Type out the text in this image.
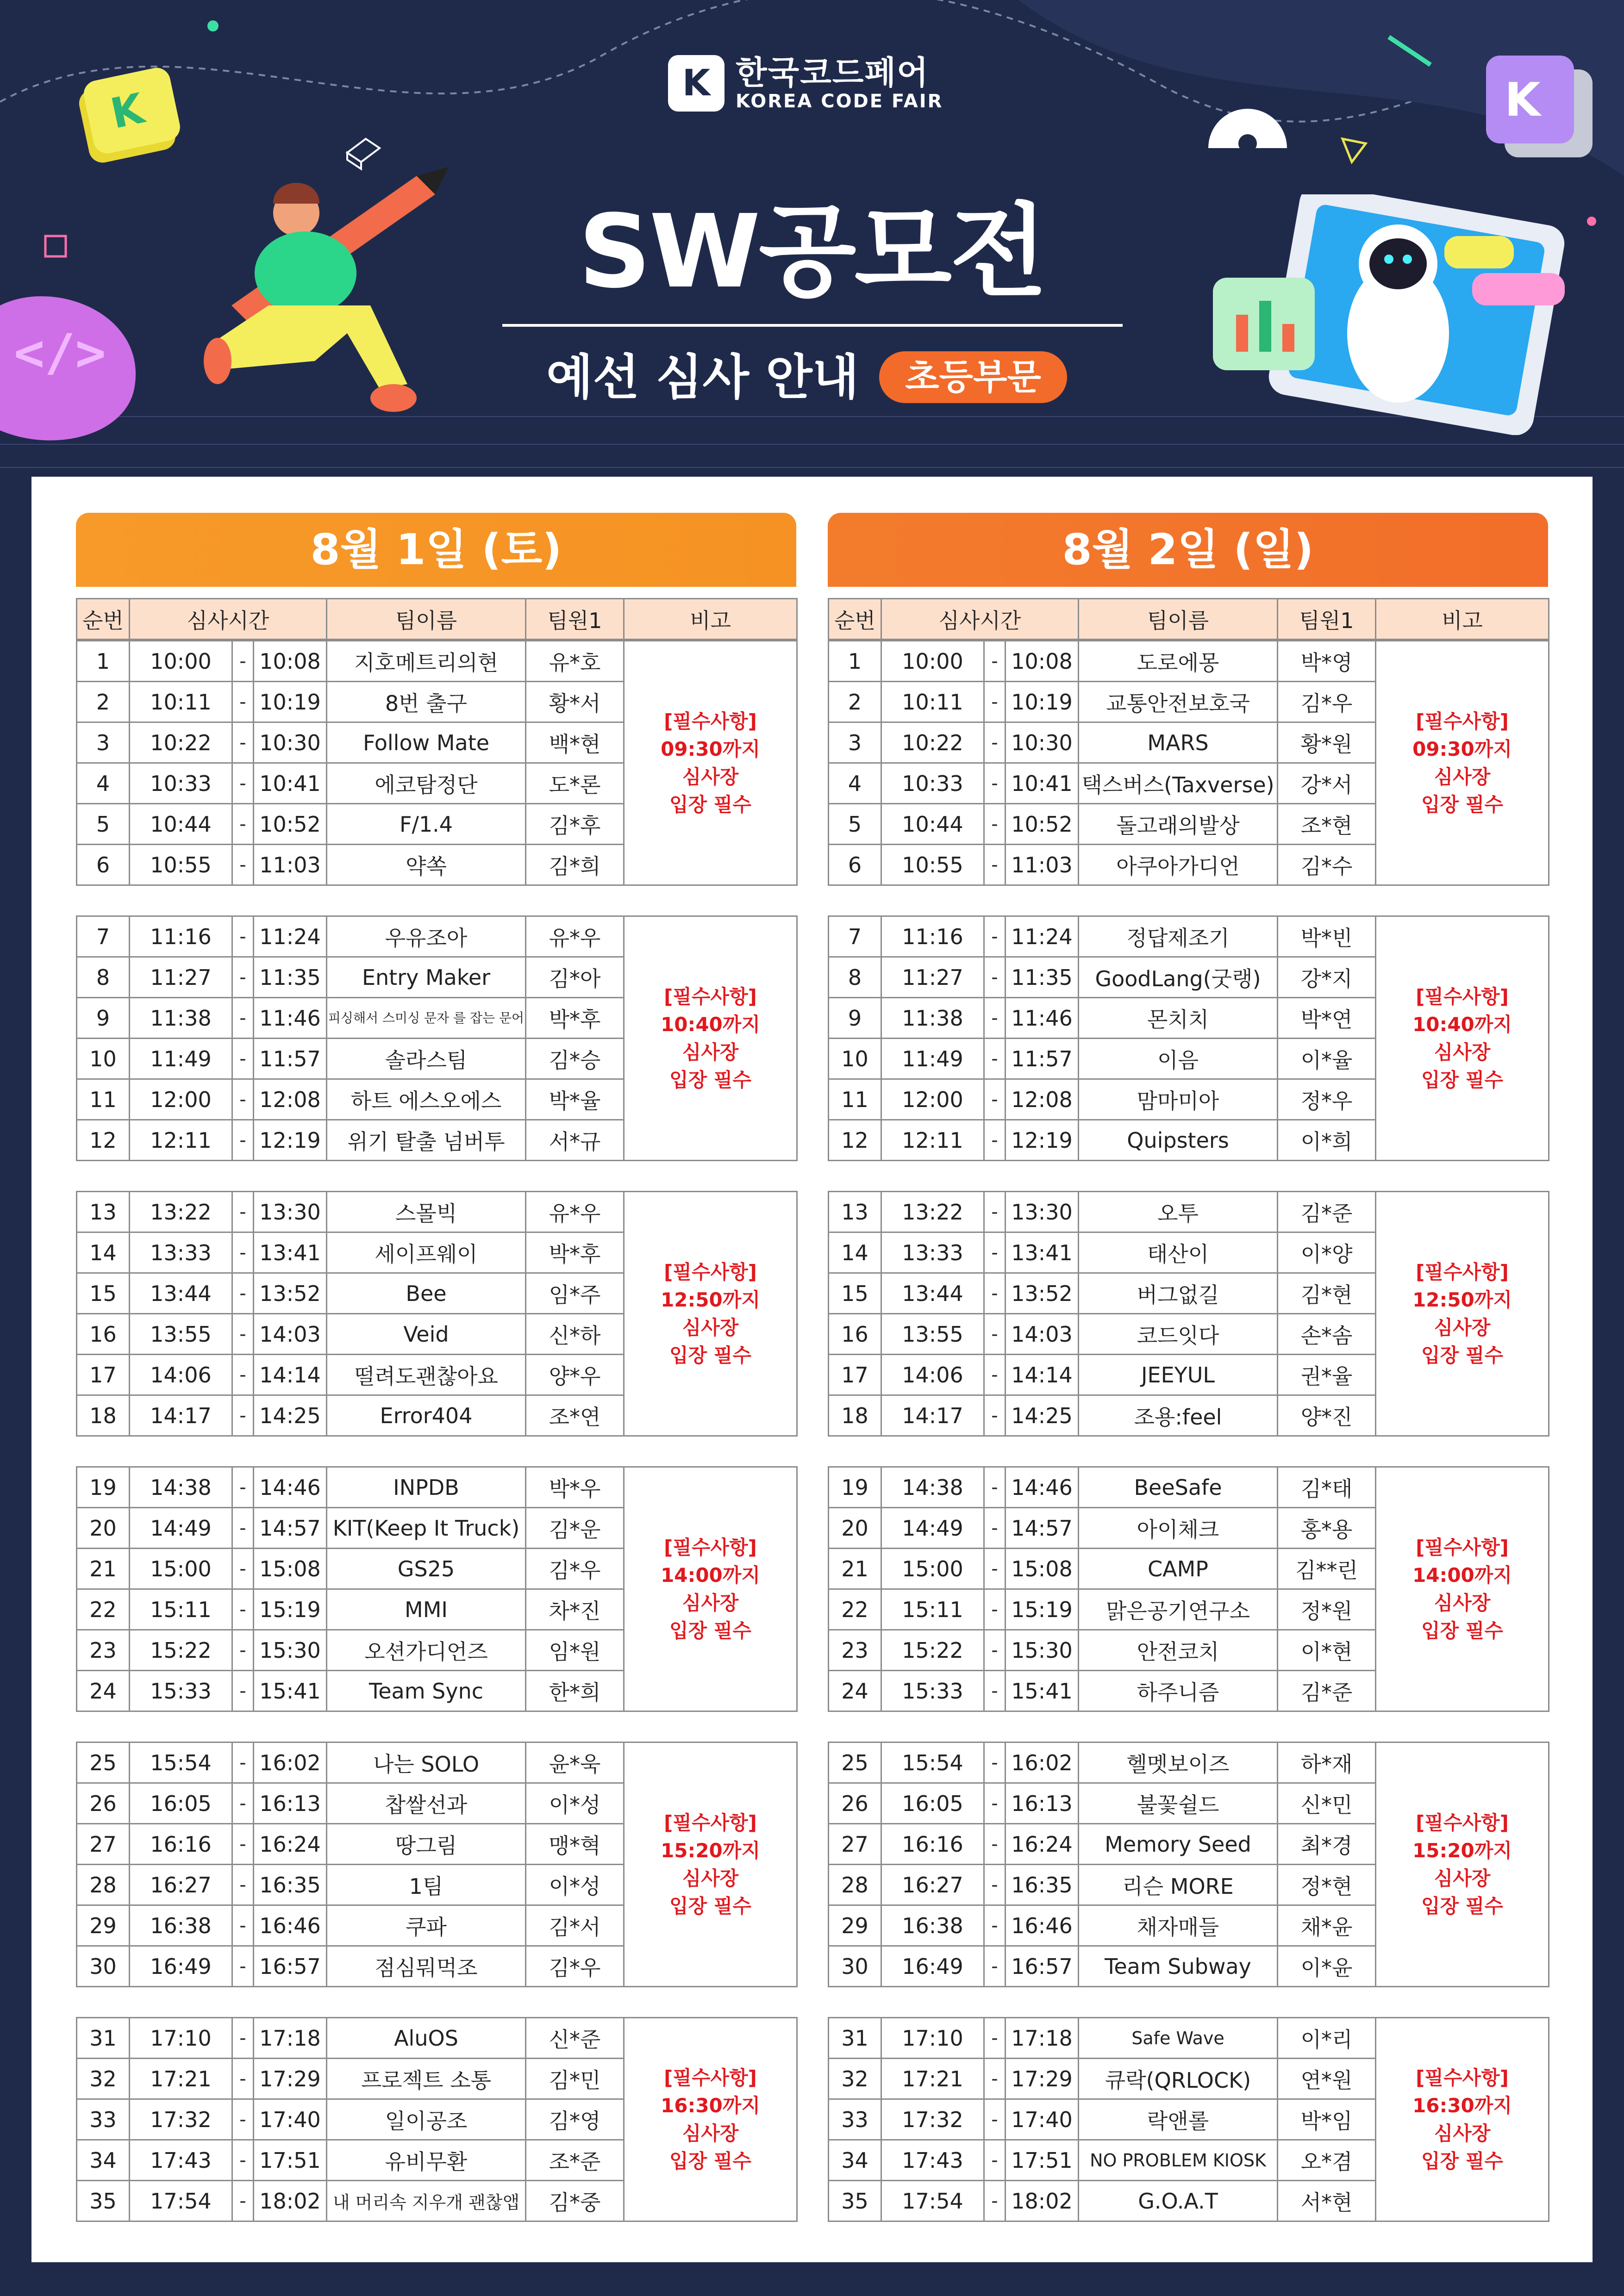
K	K
</>
K 한국코드페어
KOREA CODE FAIR
SW공모전
예선 심사 안내	초등부문
8월 1일 (토)
순번	심사시간	팀이름	팀원1	비고
1	10:00	-	10:08	지호메트리의현	유*호	[필수사항]
09:30까지
심사장
입장 필수

2	10:11	-	10:19	8번 출구	황*서	
3	10:22	-	10:30	Follow Mate	백*현	
4	10:33	-	10:41	에코탐정단	도*론	
5	10:44	-	10:52	F/1.4	김*후	
6	10:55	-	11:03	약쏙	김*희	
7	11:16	-	11:24	우유조아	유*우	[필수사항]
10:40까지
심사장
입장 필수

8	11:27	-	11:35	Entry Maker	김*아	
9	11:38	-	11:46	피싱해서 스미싱 문자 를 잡는 문어	박*후	
10	11:49	-	11:57	솔라스팀	김*승	
11	12:00	-	12:08	하트 에스오에스	박*율	
12	12:11	-	12:19	위기 탈출 넘버투	서*규	
13	13:22	-	13:30	스몰빅	유*우	[필수사항]
12:50까지
심사장
입장 필수

14	13:33	-	13:41	세이프웨이	박*후	
15	13:44	-	13:52	Bee	임*주	
16	13:55	-	14:03	Veid	신*하	
17	14:06	-	14:14	떨려도괜찮아요	양*우	
18	14:17	-	14:25	Error404	조*연	
19	14:38	-	14:46	INPDB	박*우	[필수사항]
14:00까지
심사장
입장 필수

20	14:49	-	14:57	KIT(Keep It Truck)	김*운	
21	15:00	-	15:08	GS25	김*우	
22	15:11	-	15:19	MMI	차*진	
23	15:22	-	15:30	오션가디언즈	임*원	
24	15:33	-	15:41	Team Sync	한*희	
25	15:54	-	16:02	나는 SOLO	윤*욱	[필수사항]
15:20까지
심사장
입장 필수

26	16:05	-	16:13	찹쌀선과	이*성	
27	16:16	-	16:24	땅그림	맹*혁	
28	16:27	-	16:35	1팀	이*성	
29	16:38	-	16:46	쿠파	김*서	
30	16:49	-	16:57	점심뭐먹조	김*우	
31	17:10	-	17:18	AluOS	신*준	[필수사항]
16:30까지
심사장
입장 필수

32	17:21	-	17:29	프로젝트 소통	김*민	
33	17:32	-	17:40	일이공조	김*영	
34	17:43	-	17:51	유비무환	조*준	
35	17:54	-	18:02	내 머리속 지우개 괜찮앱	김*중	
8월 2일 (일)
순번	심사시간	팀이름	팀원1	비고
1	10:00	-	10:08	도로에몽	박*영	[필수사항]
09:30까지
심사장
입장 필수

2	10:11	-	10:19	교통안전보호국	김*우	
3	10:22	-	10:30	MARS	황*원	
4	10:33	-	10:41	택스버스(Taxverse)	강*서	
5	10:44	-	10:52	돌고래의발상	조*현	
6	10:55	-	11:03	아쿠아가디언	김*수	
7	11:16	-	11:24	정답제조기	박*빈	[필수사항]
10:40까지
심사장
입장 필수

8	11:27	-	11:35	GoodLang(굿랭)	강*지	
9	11:38	-	11:46	몬치치	박*연	
10	11:49	-	11:57	이음	이*율	
11	12:00	-	12:08	맘마미아	정*우	
12	12:11	-	12:19	Quipsters	이*희	
13	13:22	-	13:30	오투	김*준	[필수사항]
12:50까지
심사장
입장 필수

14	13:33	-	13:41	태산이	이*양	
15	13:44	-	13:52	버그없길	김*현	
16	13:55	-	14:03	코드잇다	손*솜	
17	14:06	-	14:14	JEEYUL	권*율	
18	14:17	-	14:25	조용:feel	양*진	
19	14:38	-	14:46	BeeSafe	김*태	[필수사항]
14:00까지
심사장
입장 필수

20	14:49	-	14:57	아이체크	홍*용	
21	15:00	-	15:08	CAMP	김**린	
22	15:11	-	15:19	맑은공기연구소	정*원	
23	15:22	-	15:30	안전코치	이*현	
24	15:33	-	15:41	하주니즘	김*준	
25	15:54	-	16:02	헬멧보이즈	하*재	[필수사항]
15:20까지
심사장
입장 필수

26	16:05	-	16:13	불꽃쉴드	신*민	
27	16:16	-	16:24	Memory Seed	최*경	
28	16:27	-	16:35	리슨 MORE	정*현	
29	16:38	-	16:46	채자매들	채*윤	
30	16:49	-	16:57	Team Subway	이*윤	
31	17:10	-	17:18	Safe Wave	이*리	[필수사항]
16:30까지
심사장
입장 필수

32	17:21	-	17:29	큐락(QRLOCK)	연*원	
33	17:32	-	17:40	락앤롤	박*임	
34	17:43	-	17:51	NO PROBLEM KIOSK	오*겸	
35	17:54	-	18:02	G.O.A.T	서*현	
